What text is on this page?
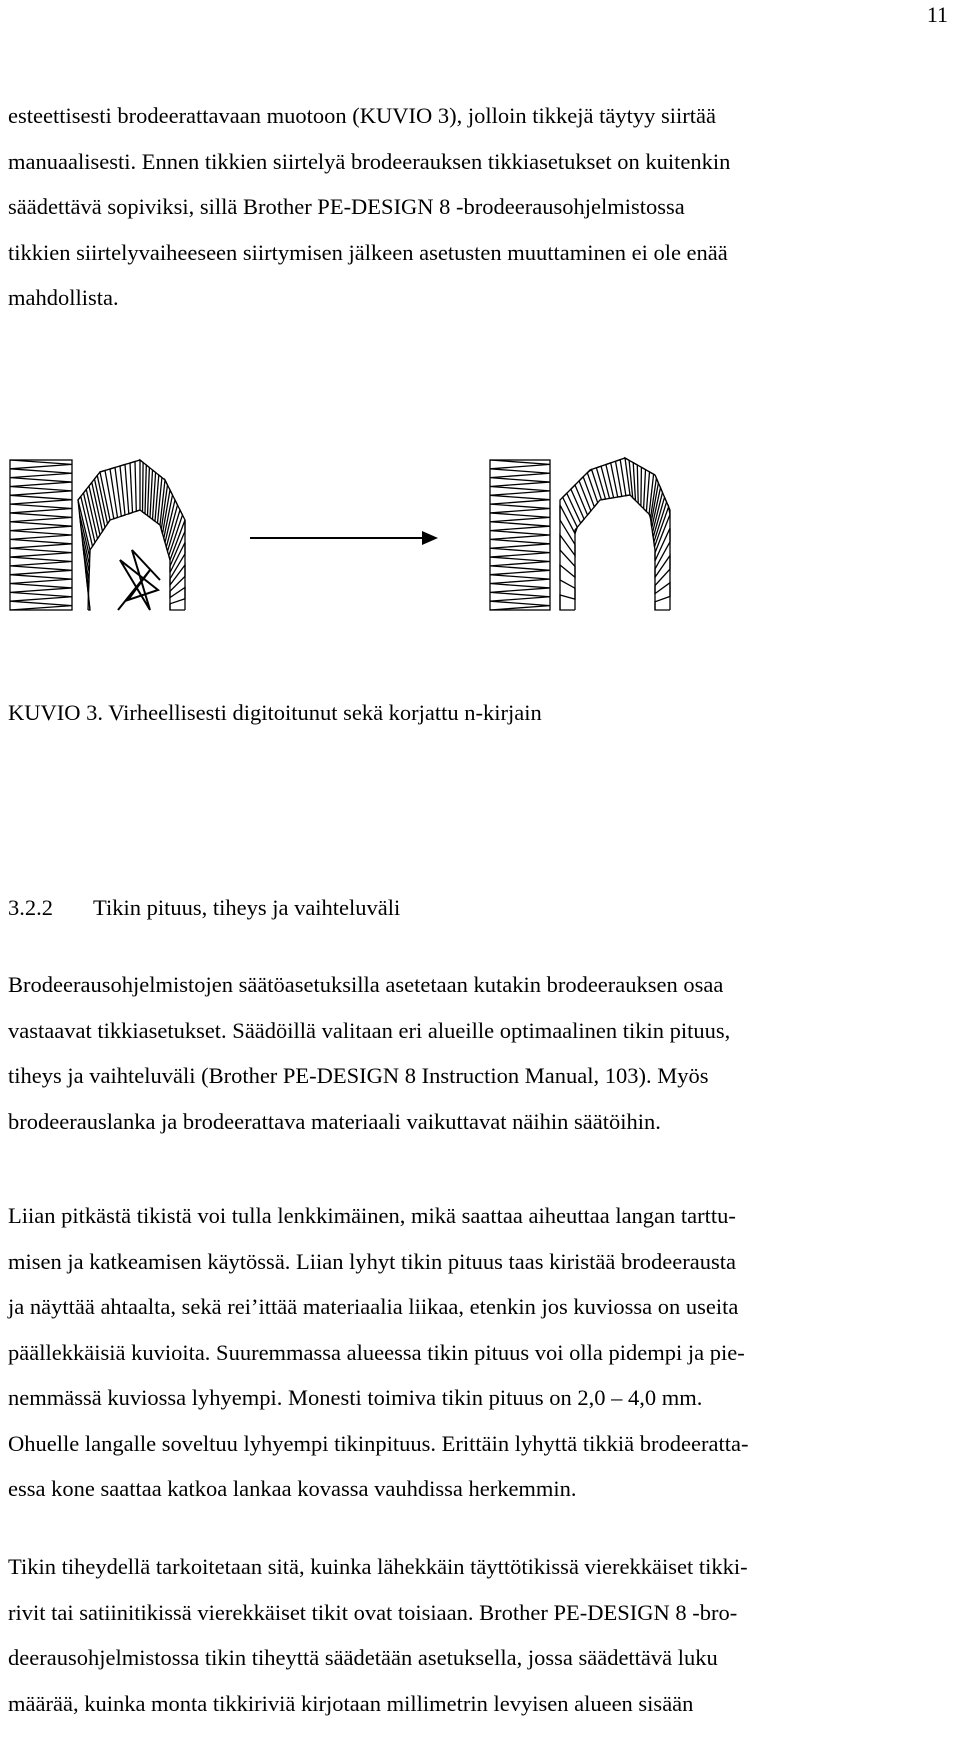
11

esteettisesti brodeerattavaan muotoon (KUVIO 3), jolloin tikkejä täytyy siirtää
manuaalisesti. Ennen tikkien siirtelyä brodeerauksen tikkiasetukset on kuitenkin
säädettävä sopiviksi, sillä Brother PE-DESIGN 8 -brodeerausohjelmistossa
tikkien siirtelyvaiheeseen siirtymisen jälkeen asetusten muuttaminen ei ole enää
mahdollista.

KUVIO 3. Virheellisesti digitoitunut sekä korjattu n-kirjain
3.2.2 Tikin pituus, tiheys ja vaihteluväli

Brodeerausohjelmistojen säätöasetuksilla asetetaan kutakin brodeerauksen osaa
vastaavat tikkiasetukset. Säädöillä valitaan eri alueille optimaalinen tikin pituus,
tiheys ja vaihteluväli (Brother PE-DESIGN 8 Instruction Manual, 103). Myös
brodeerauslanka ja brodeerattava materiaali vaikuttavat näihin säätöihin.

Liian pitkästä tikistä voi tulla lenkkimäinen, mikä saattaa aiheuttaa langan tarttu-
misen ja katkeamisen käytössä. Liian lyhyt tikin pituus taas kiristää brodeerausta
ja näyttää ahtaalta, sekä rei’ittää materiaalia liikaa, etenkin jos kuviossa on useita
päällekkäisiä kuvioita. Suuremmassa alueessa tikin pituus voi olla pidempi ja pie-
nemmässä kuviossa lyhyempi. Monesti toimiva tikin pituus on 2,0 – 4,0 mm.
Ohuelle langalle soveltuu lyhyempi tikinpituus. Erittäin lyhyttä tikkiä brodeeratta-
essa kone saattaa katkoa lankaa kovassa vauhdissa herkemmin.

Tikin tiheydellä tarkoitetaan sitä, kuinka lähekkäin täyttötikissä vierekkäiset tikki-
rivit tai satiinitikissä vierekkäiset tikit ovat toisiaan. Brother PE-DESIGN 8 -bro-
deerausohjelmistossa tikin tiheyttä säädetään asetuksella, jossa säädettävä luku
määrää, kuinka monta tikkiriviä kirjotaan millimetrin levyisen alueen sisään
